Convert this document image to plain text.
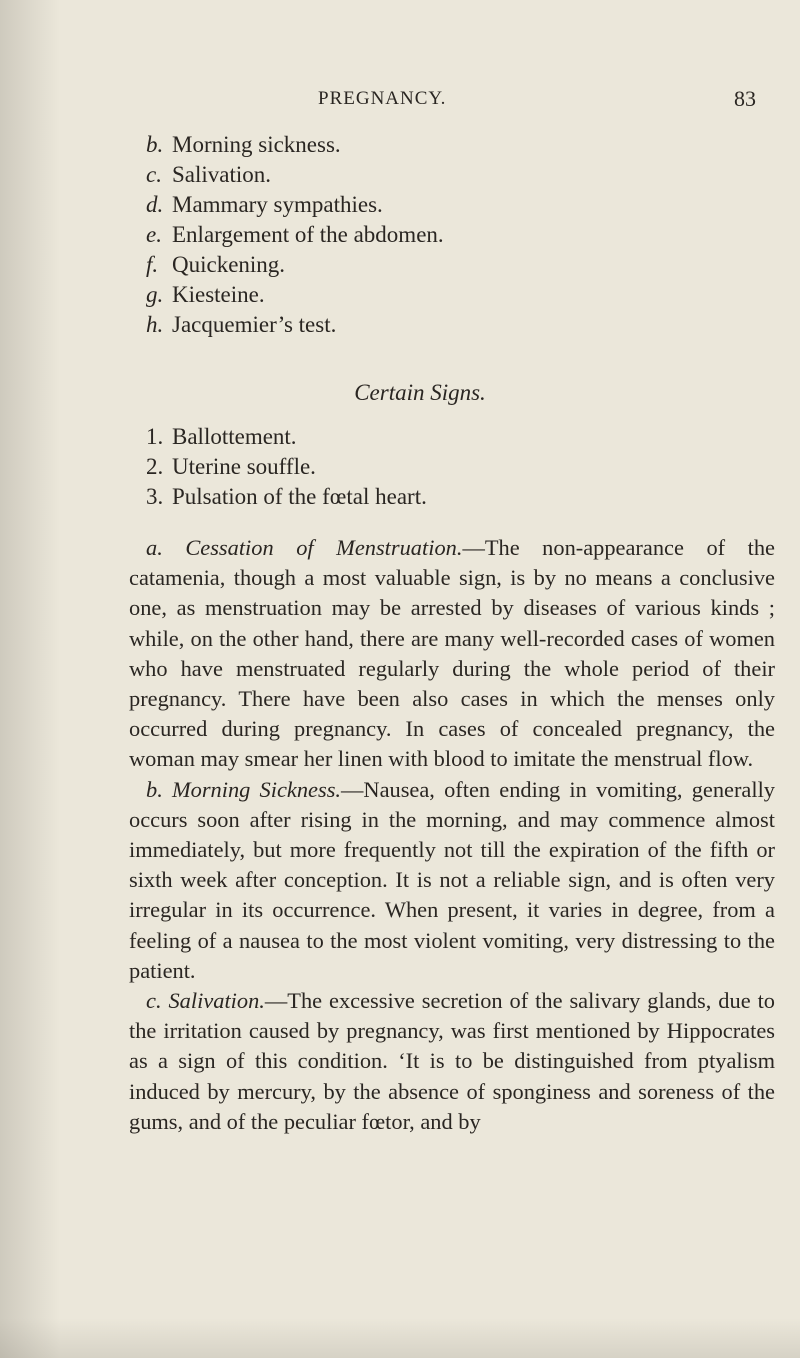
PREGNANCY.	83
b. Morning sickness.
c. Salivation.
d. Mammary sympathies.
e. Enlargement of the abdomen.
f. Quickening.
g. Kiesteine.
h. Jacquemier’s test.
Certain Signs.
1. Ballottement.
2. Uterine souffle.
3. Pulsation of the fœtal heart.

a. Cessation of Menstruation.—The non-appearance of the catamenia, though a most valuable sign, is by no means a conclusive one, as menstruation may be arrested by diseases of various kinds ; while, on the other hand, there are many well-recorded cases of women who have menstruated regularly during the whole period of their pregnancy. There have been also cases in which the menses only occurred during pregnancy. In cases of concealed pregnancy, the woman may smear her linen with blood to imitate the menstrual flow.

b. Morning Sickness.—Nausea, often ending in vomiting, generally occurs soon after rising in the morning, and may commence almost immediately, but more frequently not till the expiration of the fifth or sixth week after conception. It is not a reliable sign, and is often very irregular in its occurrence. When present, it varies in degree, from a feeling of a nausea to the most violent vomiting, very distressing to the patient.

c. Salivation.—The excessive secretion of the salivary glands, due to the irritation caused by pregnancy, was first mentioned by Hippocrates as a sign of this condition. ‘It is to be distinguished from ptyalism induced by mercury, by the absence of sponginess and soreness of the gums, and of the peculiar fœtor, and by
